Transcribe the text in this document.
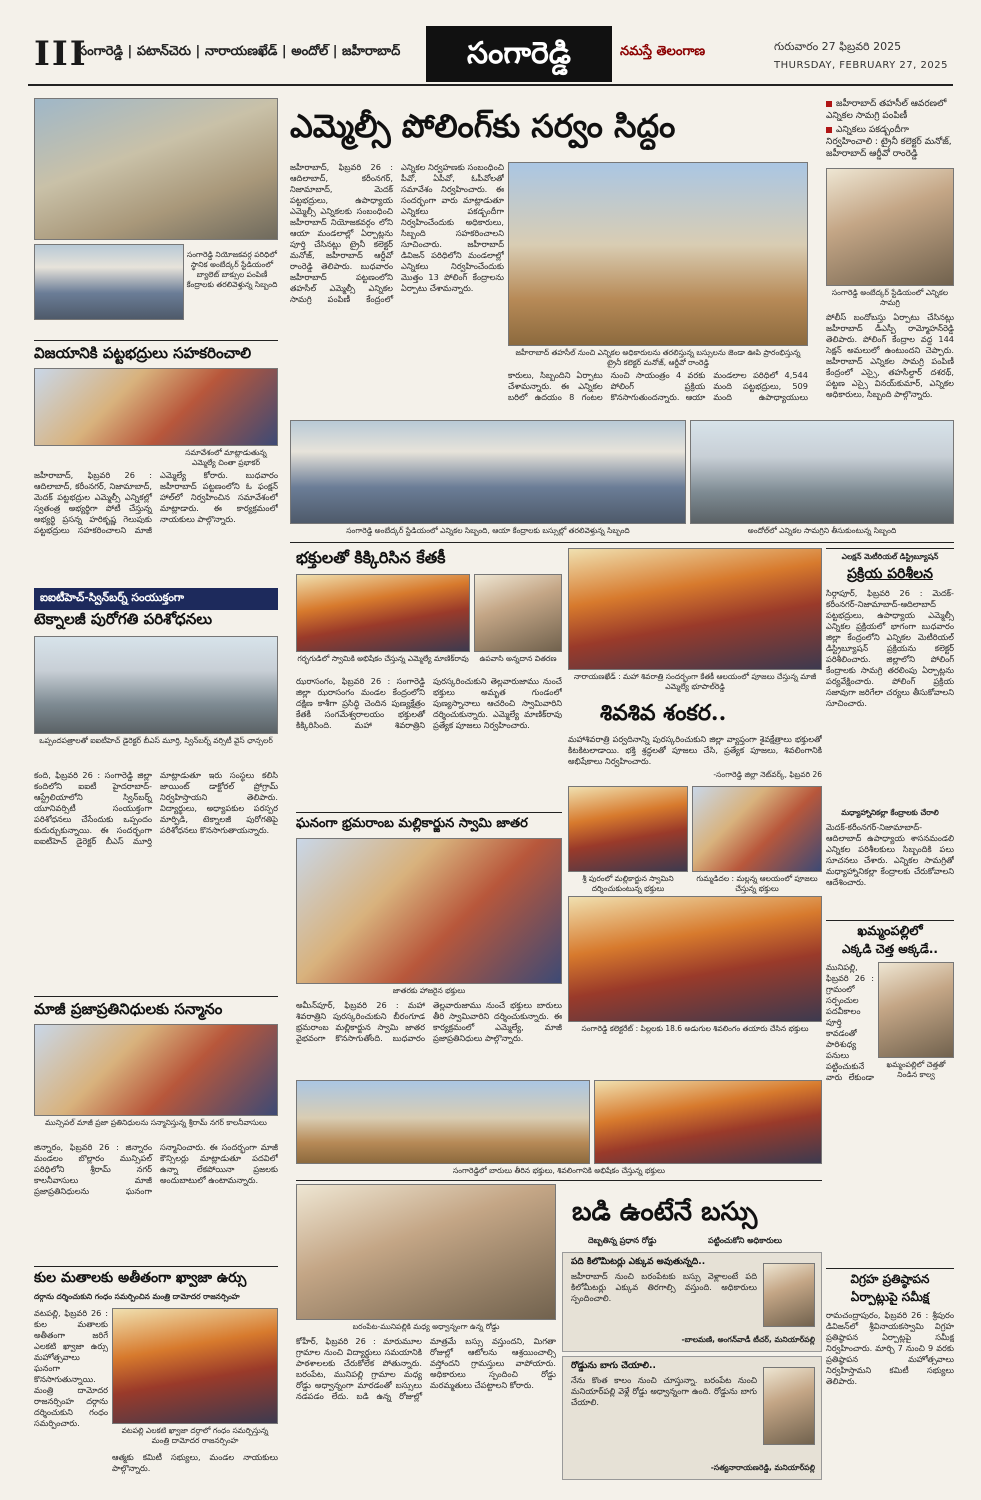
III
సంగారెడ్డి | పటాన్‌చెరు | నారాయణఖేడ్ | అందోల్ | జహీరాబాద్	సంగారెడ్డి	నమస్తే తెలంగాణ	గురువారం 27 ఫిబ్రవరి 2025
THURSDAY, FEBRUARY 27, 2025
సంగారెడ్డి నియోజకవర్గ పరిధిలో స్థానిక అంబేద్కర్ స్టేడియంలో బ్యాలెట్ బాక్సుల పంపిణీ కేంద్రాలకు తరలివెళ్తున్న సిబ్బంది
విజయానికి పట్టభద్రులు సహకరించాలి
సమావేశంలో మాట్లాడుతున్న ఎమ్మెల్యే చింతా ప్రభాకర్
జహీరాబాద్, ఫిబ్రవరి 26 : ఆదిలాబాద్, కరీంనగర్, నిజామాబాద్, మెదక్ పట్టభద్రుల ఎమ్మెల్సీ ఎన్నికల్లో స్వతంత్ర అభ్యర్థిగా పోటీ చేస్తున్న అభ్యర్థి ప్రసన్న హరికృష్ణ గెలుపుకు పట్టభద్రులు సహకరించాలని మాజీ ఎమ్మెల్యే కోరారు. బుధవారం జహీరాబాద్ పట్టణంలోని ఓ ఫంక్షన్ హాల్‌లో నిర్వహించిన సమావేశంలో మాట్లాడారు. ఈ కార్యక్రమంలో నాయకులు పాల్గొన్నారు.
ఐఐటీహెచ్-స్విన్‌బర్న్ సంయుక్తంగా
టెక్నాలజీ పురోగతి పరిశోధనలు
ఒప్పందపత్రాలతో ఐఐటీహెచ్ డైరెక్టర్ బీఎస్ మూర్తి, స్విన్‌బర్న్ వర్సిటీ వైస్ ఛాన్సలర్
కంది, ఫిబ్రవరి 26 : సంగారెడ్డి జిల్లా కందిలోని ఐఐటీ హైదరాబాద్-ఆస్ట్రేలియాలోని స్విన్‌బర్న్ యూనివర్సిటీ సంయుక్తంగా పరిశోధనలు చేసేందుకు ఒప్పందం కుదుర్చుకున్నాయి. ఈ సందర్భంగా ఐఐటీహెచ్ డైరెక్టర్ బీఎస్ మూర్తి మాట్లాడుతూ ఇరు సంస్థలు కలిసి జాయింట్ డాక్టోరల్ ప్రోగ్రామ్ నిర్వహిస్తాయని తెలిపారు. విద్యార్థులు, అధ్యాపకుల పరస్పర మార్పిడి, టెక్నాలజీ పురోగతిపై పరిశోధనలు కొనసాగుతాయన్నారు.
మాజీ ప్రజాప్రతినిధులకు సన్మానం
మున్సిపల్ మాజీ ప్రజా ప్రతినిధులను సన్మానిస్తున్న శ్రీరామ్ నగర్ కాలనీవాసులు
జిన్నారం, ఫిబ్రవరి 26 : జిన్నారం మండలం బొల్లారం మున్సిపల్ పరిధిలోని శ్రీరామ్ నగర్ కాలనీవాసులు మాజీ ప్రజాప్రతినిధులను ఘనంగా సన్మానించారు. ఈ సందర్భంగా మాజీ కౌన్సిలర్లు మాట్లాడుతూ పదవిలో ఉన్నా లేకపోయినా ప్రజలకు అందుబాటులో ఉంటామన్నారు.
కుల మతాలకు అతీతంగా ఖ్వాజా ఉర్సు
దర్గాను దర్శించుకుని గంధం సమర్పించిన మంత్రి దామోదర రాజనర్సింహ
వటపల్లి, ఫిబ్రవరి 26 : కుల మతాలకు అతీతంగా జరిగే ఎలకటి ఖ్వాజా ఉర్సు మహోత్సవాలు ఘనంగా కొనసాగుతున్నాయి. మంత్రి దామోదర రాజనర్సింహ దర్గాను దర్శించుకుని గంధం సమర్పించారు.
వటపల్లి ఎలకటి ఖ్వాజా దర్గాలో గంధం సమర్పిస్తున్న మంత్రి దామోదర రాజనర్సింహ
ఆత్మకు కమిటీ సభ్యులు, మండల నాయకులు పాల్గొన్నారు.
ఎమ్మెల్సీ పోలింగ్‌కు సర్వం సిద్ధం
జహీరాబాద్ తహసీల్ ఆవరణలో ఎన్నికల సామగ్రి పంపిణీ
ఎన్నికలు పకడ్బందీగా నిర్వహించాలి : ట్రైనీ కలెక్టర్ మనోజ్, జహీరాబాద్ ఆర్డీవో రాంరెడ్డి
జహీరాబాద్, ఫిబ్రవరి 26 : ఆదిలాబాద్, కరీంనగర్, నిజామాబాద్, మెదక్ పట్టభద్రులు, ఉపాధ్యాయ ఎమ్మెల్సీ ఎన్నికలకు సంబంధించి జహీరాబాద్ నియోజకవర్గం లోని ఆయా మండలాల్లో ఏర్పాట్లను పూర్తి చేసినట్లు ట్రైనీ కలెక్టర్ మనోజ్, జహీరాబాద్ ఆర్డీవో రాంరెడ్డి తెలిపారు. బుధవారం జహీరాబాద్ పట్టణంలోని తహసీల్ ఎమ్మెల్సీ ఎన్నికల సామగ్రి పంపిణీ కేంద్రంలో ఎన్నికల నిర్వహణకు సంబంధించి పీవో, ఏపీవో, ఓపీవోలతో సమావేశం నిర్వహించారు. ఈ సందర్భంగా వారు మాట్లాడుతూ ఎన్నికలు పకడ్బందీగా నిర్వహించేందుకు అధికారులు, సిబ్బంది సహకరించాలని సూచించారు. జహీరాబాద్ డివిజన్ పరిధిలోని మండలాల్లో ఎన్నికలు నిర్వహించేందుకు మొత్తం 13 పోలింగ్ కేంద్రాలను ఏర్పాటు చేశామన్నారు.
జహీరాబాద్ తహసీల్ నుంచి ఎన్నికల అధికారులను తరలిస్తున్న బస్సులను జెండా ఊపి ప్రారంభిస్తున్న ట్రైనీ కలెక్టర్ మనోజ్, ఆర్డీవో రాంరెడ్డి
కారులు, సిబ్బందిని ఏర్పాటు చేశామన్నారు. ఈ ఎన్నికల బరిలో ఉదయం 8 గంటల నుంచి సాయంత్రం 4 వరకు పోలింగ్ ప్రక్రియ కొనసాగుతుందన్నారు. ఆయా మండలాల పరిధిలో 4,544 మంది పట్టభద్రులు, 509 మంది ఉపాధ్యాయులు
సంగారెడ్డి అంబేద్కర్ స్టేడియంలో ఎన్నికల సామగ్రి
పోలీస్ బందోబస్తు ఏర్పాటు చేసినట్లు జహీరాబాద్ డీఎస్పీ రామ్మోహన్‌రెడ్డి తెలిపారు. పోలింగ్ కేంద్రాల వద్ద 144 సెక్షన్ అమలులో ఉంటుందని చెప్పారు. జహీరాబాద్ ఎన్నికల సామగ్రి పంపిణీ కేంద్రంలో ఎస్సై, తహసీల్దార్ దశరథ్, పట్టణ ఎస్సై వినయ్‌కుమార్, ఎన్నికల అధికారులు, సిబ్బంది పాల్గొన్నారు.
సంగారెడ్డి అంబేద్కర్ స్టేడియంలో ఎన్నికల సిబ్బంది, ఆయా కేంద్రాలకు బస్సుల్లో తరలివెళ్తున్న సిబ్బంది	అందోల్‌లో ఎన్నికల సామగ్రిని తీసుకుంటున్న సిబ్బంది
భక్తులతో కిక్కిరిసిన కేతకీ
గర్భగుడిలో స్వామికి అభిషేకం చేస్తున్న ఎమ్మెల్యే మాణిక్‌రావు	ఉపవాసి అన్నదాన వితరణ
ఝరాసంగం, ఫిబ్రవరి 26 : సంగారెడ్డి జిల్లా ఝరాసంగం మండల కేంద్రంలోని దక్షిణ కాశీగా ప్రసిద్ధి చెందిన పుణ్యక్షేత్రం కేతకీ సంగమేశ్వరాలయం భక్తులతో కిక్కిరిసింది. మహా శివరాత్రిని పురస్కరించుకుని తెల్లవారుజాము నుంచే భక్తులు అమృత గుండంలో పుణ్యస్నానాలు ఆచరించి స్వామివారిని దర్శించుకున్నారు. ఎమ్మెల్యే మాణిక్‌రావు ప్రత్యేక పూజలు నిర్వహించారు.
నారాయణఖేడ్ : మహా శివరాత్రి సందర్భంగా కేతకీ ఆలయంలో పూజలు చేస్తున్న మాజీ ఎమ్మెల్యే భూపాల్‌రెడ్డి
శివశివ శంకర..
మహాశివరాత్రి పర్వదినాన్ని పురస్కరించుకుని జిల్లా వ్యాప్తంగా శైవక్షేత్రాలు భక్తులతో కిటకిటలాడాయి. భక్తి శ్రద్ధలతో పూజలు చేసి, ప్రత్యేక పూజలు, శివలింగానికి అభిషేకాలు నిర్వహించారు.
-సంగారెడ్డి జిల్లా నెట్‌వర్క్, ఫిబ్రవరి 26
శ్రీ పురంలో మల్లికార్జున స్వామిని దర్శించుకుంటున్న భక్తులు
గుమ్మడిదల : మల్లన్న ఆలయంలో పూజలు చేస్తున్న భక్తులు
సంగారెడ్డి కలెక్టరేట్ : పిల్లలకు 18.6 అడుగుల శివలింగం తయారు చేసిన భక్తులు
ఘనంగా భ్రమరాంబ మల్లికార్జున స్వామి జాతర
జాతరకు హాజరైన భక్తులు
అమీన్‌పూర్, ఫిబ్రవరి 26 : మహా శివరాత్రిని పురస్కరించుకుని బీరంగూడ భ్రమరాంబ మల్లికార్జున స్వామి జాతర వైభవంగా కొనసాగుతోంది. బుధవారం తెల్లవారుజాము నుంచే భక్తులు బారులు తీరి స్వామివారిని దర్శించుకున్నారు. ఈ కార్యక్రమంలో ఎమ్మెల్యే, మాజీ ప్రజాప్రతినిధులు పాల్గొన్నారు.
సంగారెడ్డిలో బారులు తీరిన భక్తులు, శివలింగానికి అభిషేకం చేస్తున్న భక్తులు
బరంపేట-మునిపల్లికి మధ్య అధ్వాన్నంగా ఉన్న రోడ్డు
బడి ఉంటేనే బస్సు
దెబ్బతిన్న ప్రధాన రోడ్డు	పట్టించుకోని అధికారులు
కోహీర్, ఫిబ్రవరి 26 : మారుమూల గ్రామాల నుంచి విద్యార్థులు సమయానికి పాఠశాలలకు చేరుకోలేక పోతున్నారు. బరంపేట, మునిపల్లి గ్రామాల మధ్య రోడ్డు అధ్వాన్నంగా మారడంతో బస్సులు నడపడం లేదు. బడి ఉన్న రోజుల్లో మాత్రమే బస్సు వస్తుందని, మిగతా రోజుల్లో ఆటోలను ఆశ్రయించాల్సి వస్తోందని గ్రామస్తులు వాపోయారు. అధికారులు స్పందించి రోడ్డు మరమ్మతులు చేపట్టాలని కోరారు.
పది కిలోమీటర్లు ఎక్కువ అవుతున్నది..
జహీరాబాద్ నుంచి బరంపేటకు బస్సు వెళ్లాలంటే పది కిలోమీటర్లు ఎక్కువ తిరగాల్సి వస్తుంది. అధికారులు స్పందించాలి.
-బాలమణి, అంగన్‌వాడీ టీచర్, మనియార్‌పల్లి
రోడ్డును బాగు చేయాలి..
నేను కొంత కాలం నుంచి చూస్తున్నా. బరంపేట నుంచి మనియార్‌పల్లి వెళ్లే రోడ్డు అధ్వాన్నంగా ఉంది. రోడ్డును బాగు చేయాలి.
-సత్యనారాయణరెడ్డి, మనియార్‌పల్లి
ఎలక్షన్ మెటీరియల్ డిస్ట్రిబ్యూషన్
ప్రక్రియ పరిశీలన
సిర్గాపూర్, ఫిబ్రవరి 26 : మెదక్-కరీంనగర్-నిజామాబాద్-ఆదిలాబాద్ పట్టభద్రులు, ఉపాధ్యాయ ఎమ్మెల్సీ ఎన్నికల ప్రక్రియలో భాగంగా బుధవారం జిల్లా కేంద్రంలోని ఎన్నికల మెటీరియల్ డిస్ట్రిబ్యూషన్ ప్రక్రియను కలెక్టర్ పరిశీలించారు. జిల్లాలోని పోలింగ్ కేంద్రాలకు సామగ్రి తరలింపు ఏర్పాట్లను పర్యవేక్షించారు. పోలింగ్ ప్రక్రియ సజావుగా జరిగేలా చర్యలు తీసుకోవాలని సూచించారు.
మధ్యాహ్నానికల్లా కేంద్రాలకు చేరాలి
మెదక్-కరీంనగర్-నిజామాబాద్-ఆదిలాబాద్ ఉపాధ్యాయ శాసనమండలి ఎన్నికల పరిశీలకులు సిబ్బందికి పలు సూచనలు చేశారు. ఎన్నికల సామగ్రితో మధ్యాహ్నానికల్లా కేంద్రాలకు చేరుకోవాలని ఆదేశించారు.
ఖమ్మంపల్లిలో
ఎక్కడి చెత్త అక్కడే..
మునిపల్లి, ఫిబ్రవరి 26 : గ్రామంలో సర్పంచుల పదవీకాలం పూర్తి కావడంతో పారిశుధ్య పనులు పట్టించుకునే వారు లేకుండా
ఖమ్మంపల్లిలో చెత్తతో నిండిన కాల్వ
విగ్రహ ప్రతిష్ఠాపన
ఏర్పాట్లుపై సమీక్ష
రామచంద్రాపురం, ఫిబ్రవరి 26 : శ్రీపురం డివిజన్‌లో శ్రీవినాయకస్వామి విగ్రహ ప్రతిష్ఠాపన ఏర్పాట్లపై సమీక్ష నిర్వహించారు. మార్చి 7 నుంచి 9 వరకు ప్రతిష్ఠాపన మహోత్సవాలు నిర్వహిస్తామని కమిటీ సభ్యులు తెలిపారు.
